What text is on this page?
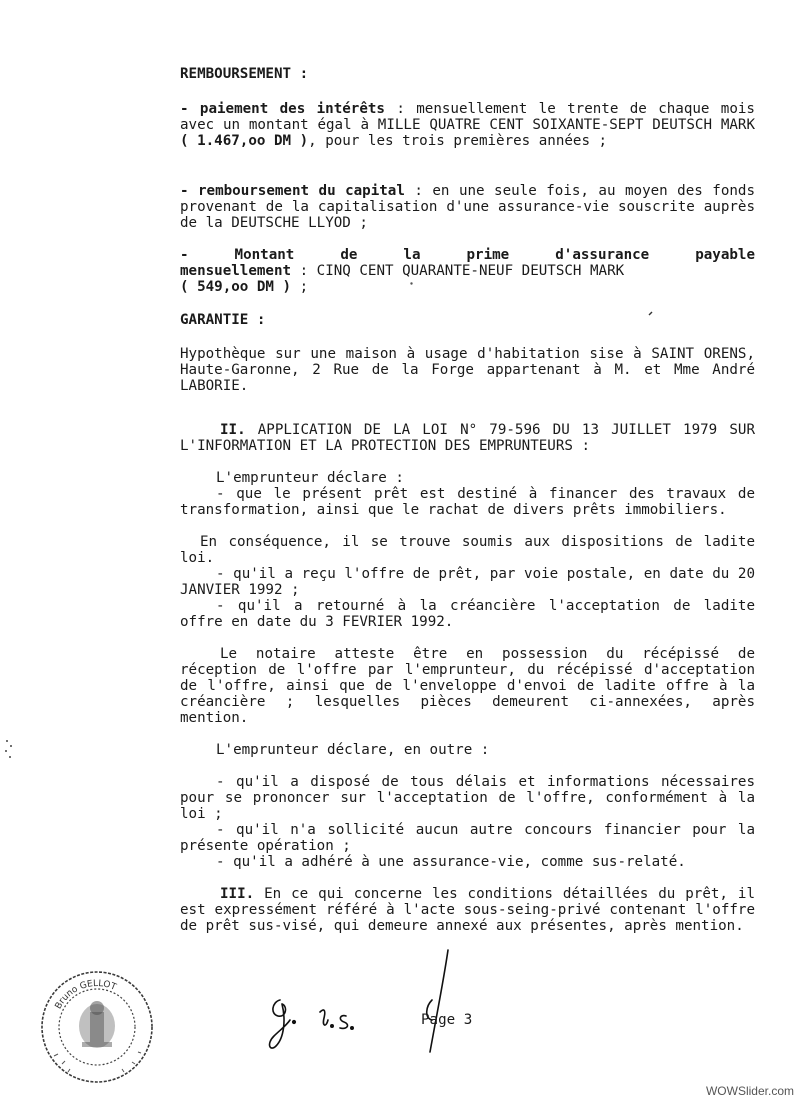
REMBOURSEMENT :
- paiement des intérêts : mensuellement le trente de chaque mois avec un montant égal à MILLE QUATRE CENT SOIXANTE-SEPT DEUTSCH MARK ( 1.467,oo DM ), pour les trois premières années ;
- remboursement du capital : en une seule fois, au moyen des fonds provenant de la capitalisation d'une assurance-vie souscrite auprès de la DEUTSCHE LLYOD ;
- Montant de la prime d'assurance payable
mensuellement : CINQ CENT QUARANTE-NEUF DEUTSCH MARK
( 549,oo DM ) ;
GARANTIE :
Hypothèque sur une maison à usage d'habitation sise à SAINT ORENS, Haute-Garonne, 2 Rue de la Forge appartenant à M. et Mme André LABORIE.
II. APPLICATION DE LA LOI N° 79-596 DU 13 JUILLET 1979 SUR L'INFORMATION ET LA PROTECTION DES EMPRUNTEURS :
L'emprunteur déclare :
- que le présent prêt est destiné à financer des travaux de transformation, ainsi que le rachat de divers prêts immobiliers.
En conséquence, il se trouve soumis aux dispositions de ladite loi.
- qu'il a reçu l'offre de prêt, par voie postale, en date du 20 JANVIER 1992 ;
- qu'il a retourné à la créancière l'acceptation de ladite offre en date du 3 FEVRIER 1992.
Le notaire atteste être en possession du récépissé de réception de l'offre par l'emprunteur, du récépissé d'acceptation de l'offre, ainsi que de l'enveloppe d'envoi de ladite offre à la créancière ; lesquelles pièces demeurent ci-annexées, après mention.
L'emprunteur déclare, en outre :
- qu'il a disposé de tous délais et informations nécessaires pour se prononcer sur l'acceptation de l'offre, conformément à la loi ;
- qu'il n'a sollicité aucun autre concours financier pour la présente opération ;
- qu'il a adhéré à une assurance-vie, comme sus-relaté.
III. En ce qui concerne les conditions détaillées du prêt, il est expressément référé à l'acte sous-seing-privé contenant l'offre de prêt sus-visé, qui demeure annexé aux présentes, après mention.
Bruno GELLOT
Page 3
WOWSlider.com
